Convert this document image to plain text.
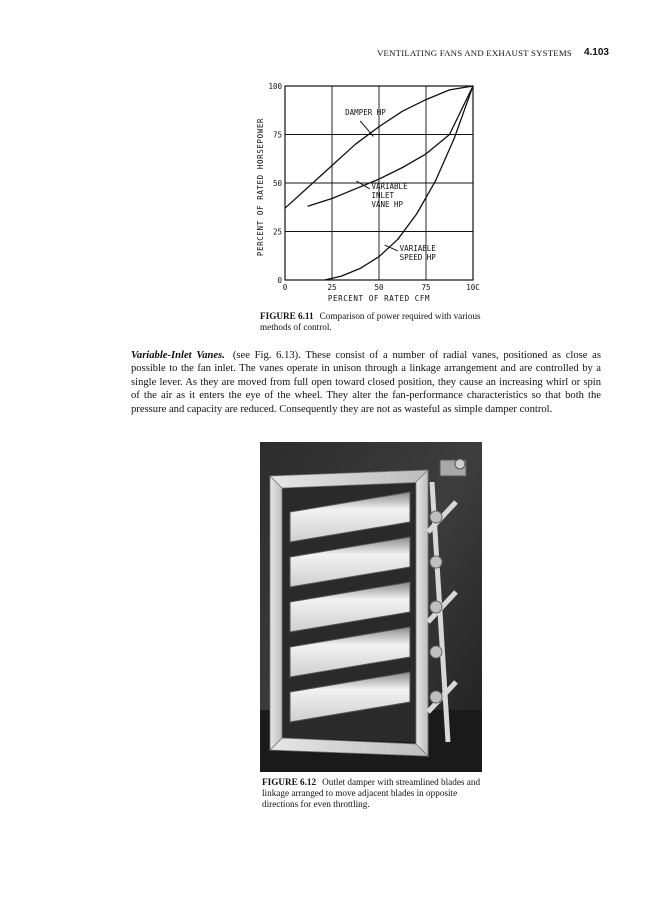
VENTILATING FANS AND EXHAUST SYSTEMS 4.103
0	25	50	75	10C
0
25
50
75
100
PERCENT OF RATED CFM
PERCENT OF RATED HORSEPOWER
DAMPER HP
VARIABLE
INLET
VANE HP
VARIABLE
SPEED HP
FIGURE 6.11 Comparison of power required with various methods of control.
Variable-Inlet Vanes. (see Fig. 6.13). These consist of a number of radial vanes, positioned as close as possible to the fan inlet. The vanes operate in unison through a linkage arrangement and are controlled by a single lever. As they are moved from full open toward closed position, they cause an increasing whirl or spin of the air as it enters the eye of the wheel. They alter the fan-performance characteristics so that both the pressure and capacity are reduced. Consequently they are not as wasteful as simple damper control.
FIGURE 6.12 Outlet damper with streamlined blades and linkage arranged to move adjacent blades in opposite directions for even throttling.
